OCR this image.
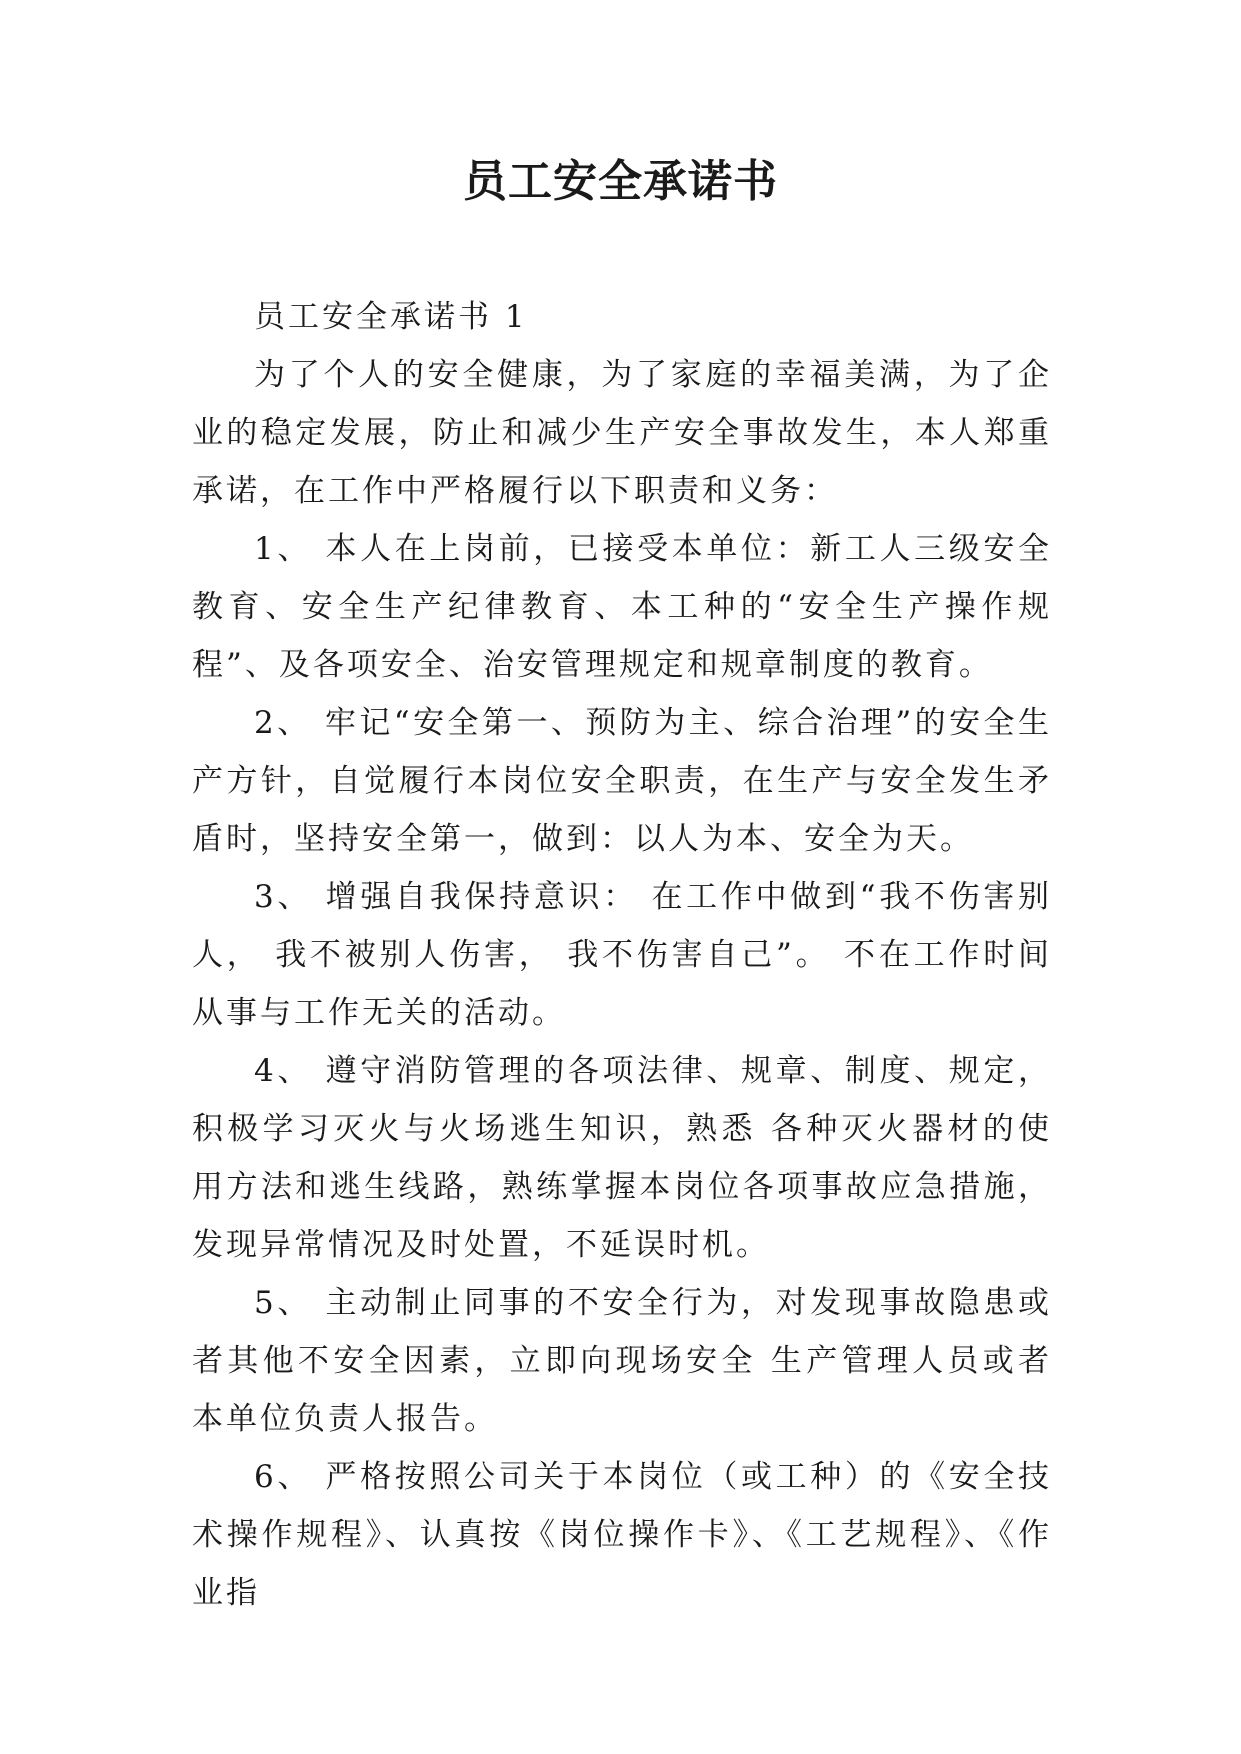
员工安全承诺书

员工安全承诺书 1

为了个人的安全健康，为了家庭的幸福美满，为了企业的稳定发展，防止和减少生产安全事故发生，本人郑重承诺，在工作中严格履行以下职责和义务：

1、 本人在上岗前，已接受本单位：新工人三级安全教育、安全生产纪律教育、本工种的“安全生产操作规程”、及各项安全、治安管理规定和规章制度的教育。

2、 牢记“安全第一、预防为主、综合治理”的安全生产方针，自觉履行本岗位安全职责，在生产与安全发生矛盾时，坚持安全第一，做到：以人为本、安全为天。

3、 增强自我保持意识： 在工作中做到“我不伤害别人， 我不被别人伤害， 我不伤害自己”。 不在工作时间从事与工作无关的活动。

4、 遵守消防管理的各项法律、规章、制度、规定，积极学习灭火与火场逃生知识，熟悉 各种灭火器材的使用方法和逃生线路，熟练掌握本岗位各项事故应急措施，发现异常情况及时处置，不延误时机。

5、 主动制止同事的不安全行为，对发现事故隐患或者其他不安全因素，立即向现场安全 生产管理人员或者本单位负责人报告。

6、 严格按照公司关于本岗位（或工种）的《安全技术操作规程》、认真按《岗位操作卡》、《工艺规程》、《作业指
